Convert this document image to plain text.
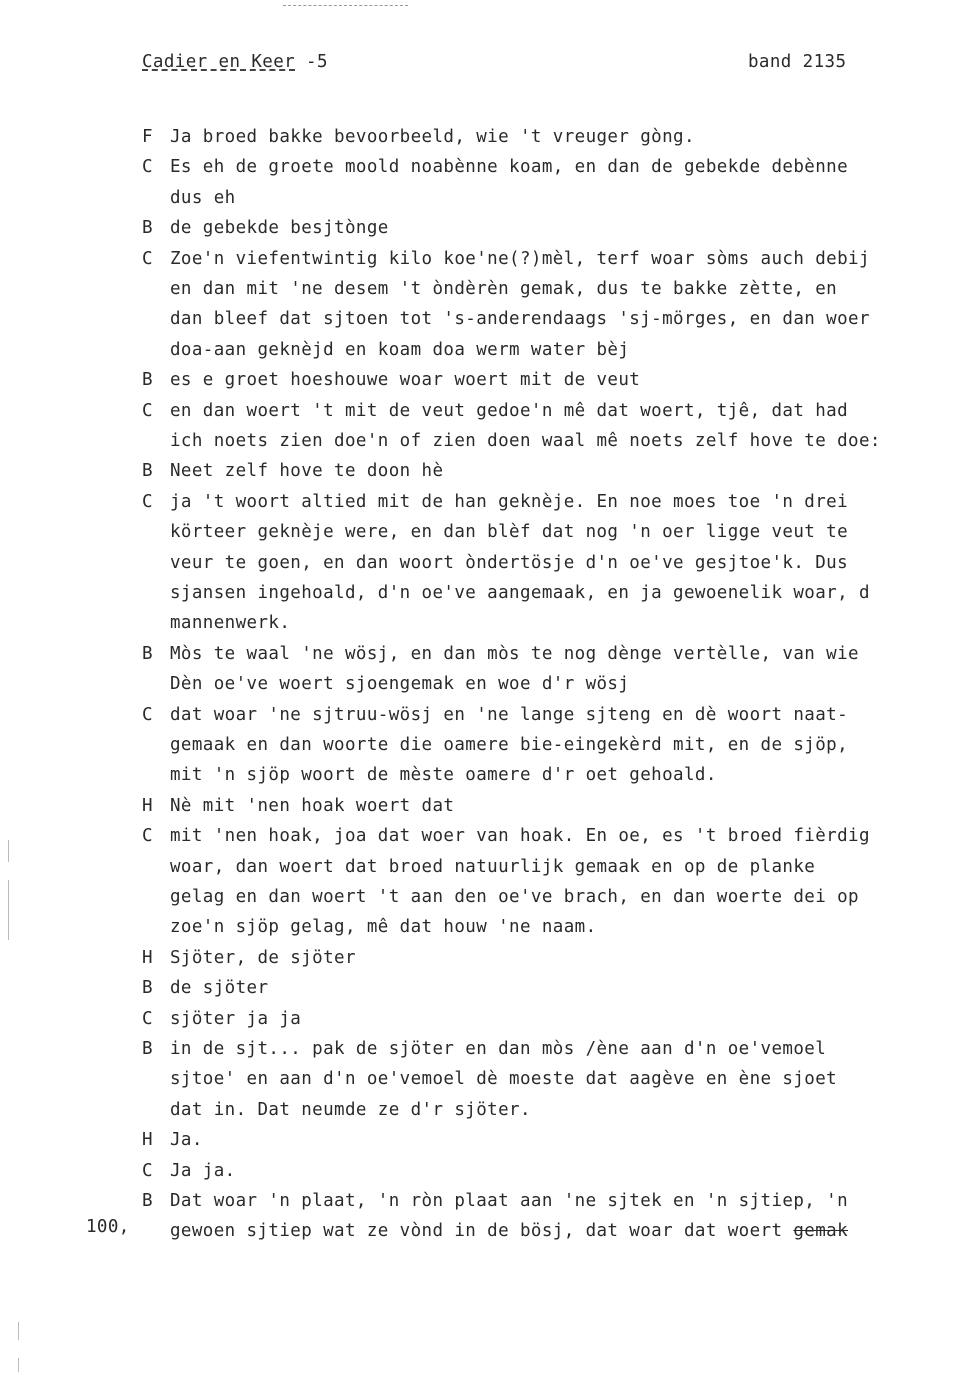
Cadier en Keer -5	band 2135
F Ja broed bakke bevoorbeeld, wie 't vreuger gòng.
C Es eh de groete moold noabènne koam, en dan de gebekde debènne
dus eh
B de gebekde besjtònge
C Zoe'n viefentwintig kilo koe'ne(?)mèl, terf woar sòms auch debij
en dan mit 'ne desem 't òndèrèn gemak, dus te bakke zètte, en
dan bleef dat sjtoen tot 's-anderendaags 'sj-mörges, en dan woer
doa-aan geknèjd en koam doa werm water bèj
B es e groet hoeshouwe woar woert mit de veut
C en dan woert 't mit de veut gedoe'n mê dat woert, tjê, dat had
ich noets zien doe'n of zien doen waal mê noets zelf hove te doe:
B Neet zelf hove te doon hè
C ja 't woort altied mit de han geknèje. En noe moes toe 'n drei
körteer geknèje were, en dan blèf dat nog 'n oer ligge veut te
veur te goen, en dan woort òndertösje d'n oe've gesjtoe'k. Dus
sjansen ingehoald, d'n oe've aangemaak, en ja gewoenelik woar, d
mannenwerk.
B Mòs te waal 'ne wösj, en dan mòs te nog dènge vertèlle, van wie
Dèn oe've woert sjoengemak en woe d'r wösj
C dat woar 'ne sjtruu-wösj en 'ne lange sjteng en dè woort naat-
gemaak en dan woorte die oamere bie-eingekèrd mit, en de sjöp,
mit 'n sjöp woort de mèste oamere d'r oet gehoald.
H Nè mit 'nen hoak woert dat
C mit 'nen hoak, joa dat woer van hoak. En oe, es 't broed fièrdig
woar, dan woert dat broed natuurlijk gemaak en op de planke
gelag en dan woert 't aan den oe've brach, en dan woerte dei op
zoe'n sjöp gelag, mê dat houw 'ne naam.
H Sjöter, de sjöter
B de sjöter
C sjöter ja ja
B in de sjt... pak de sjöter en dan mòs /ène aan d'n oe'vemoel
sjtoe' en aan d'n oe'vemoel dè moeste dat aagève en ène sjoet
dat in. Dat neumde ze d'r sjöter.
H Ja.
C Ja ja.
B Dat woar 'n plaat, 'n ròn plaat aan 'ne sjtek en 'n sjtiep, 'n
gewoen sjtiep wat ze vònd in de bösj, dat woar dat woert gemak
100,
